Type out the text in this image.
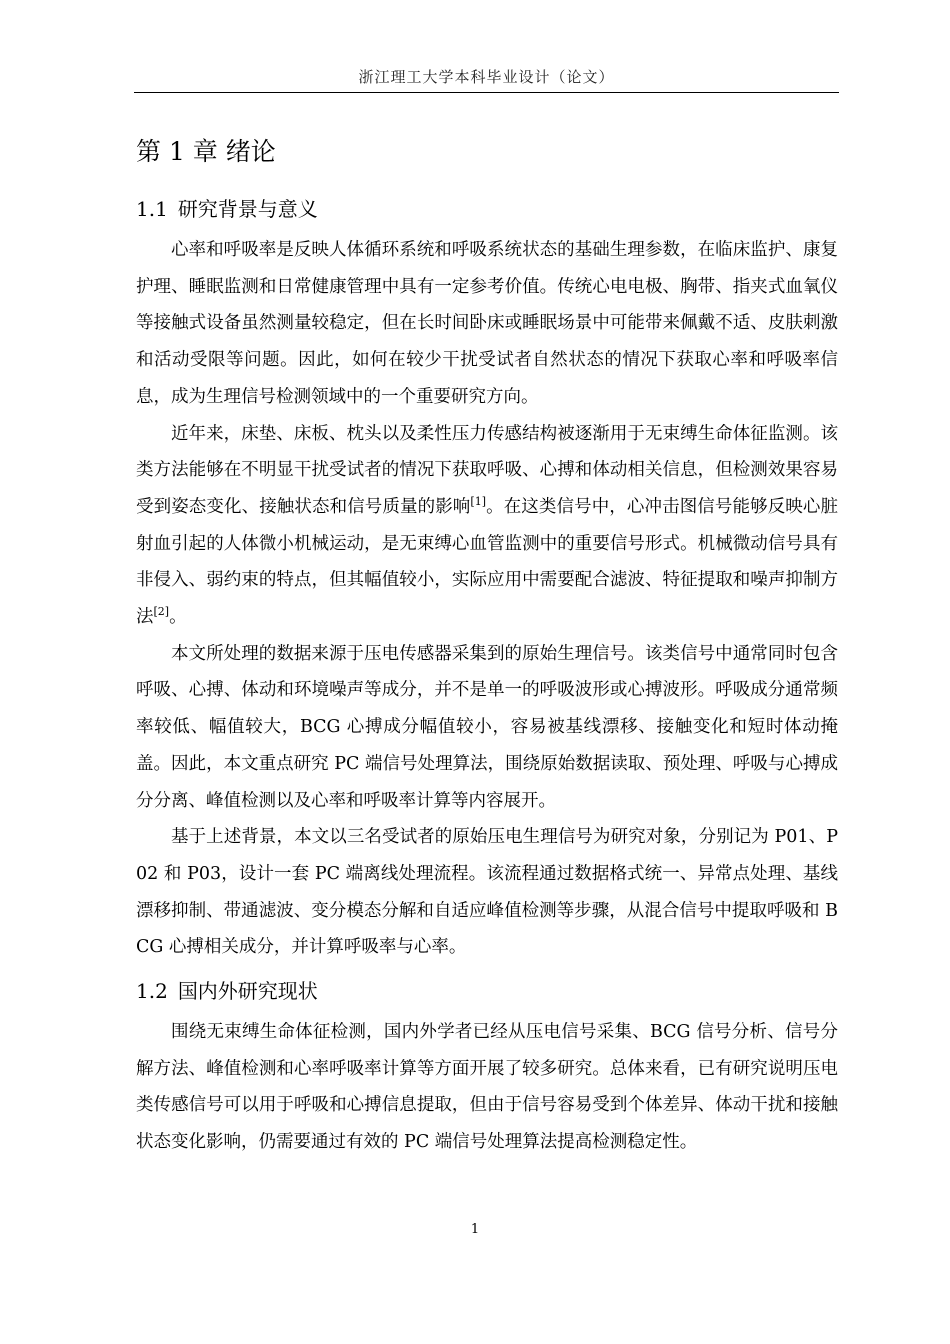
浙江理工大学本科毕业设计（论文）
第 1 章 绪论
1.1 研究背景与意义

心率和呼吸率是反映人体循环系统和呼吸系统状态的基础生理参数，在临床监护、康复护理、睡眠监测和日常健康管理中具有一定参考价值。传统心电电极、胸带、指夹式血氧仪等接触式设备虽然测量较稳定，但在长时间卧床或睡眠场景中可能带来佩戴不适、皮肤刺激和活动受限等问题。因此，如何在较少干扰受试者自然状态的情况下获取心率和呼吸率信息，成为生理信号检测领域中的一个重要研究方向。

近年来，床垫、床板、枕头以及柔性压力传感结构被逐渐用于无束缚生命体征监测。该类方法能够在不明显干扰受试者的情况下获取呼吸、心搏和体动相关信息，但检测效果容易受到姿态变化、接触状态和信号质量的影响[1]。在这类信号中，心冲击图信号能够反映心脏射血引起的人体微小机械运动，是无束缚心血管监测中的重要信号形式。机械微动信号具有非侵入、弱约束的特点，但其幅值较小，实际应用中需要配合滤波、特征提取和噪声抑制方法[2]。

本文所处理的数据来源于压电传感器采集到的原始生理信号。该类信号中通常同时包含呼吸、心搏、体动和环境噪声等成分，并不是单一的呼吸波形或心搏波形。呼吸成分通常频率较低、幅值较大，BCG 心搏成分幅值较小，容易被基线漂移、接触变化和短时体动掩盖。因此，本文重点研究 PC 端信号处理算法，围绕原始数据读取、预处理、呼吸与心搏成分分离、峰值检测以及心率和呼吸率计算等内容展开。

基于上述背景，本文以三名受试者的原始压电生理信号为研究对象，分别记为 P01、P02 和 P03，设计一套 PC 端离线处理流程。该流程通过数据格式统一、异常点处理、基线漂移抑制、带通滤波、变分模态分解和自适应峰值检测等步骤，从混合信号中提取呼吸和 BCG 心搏相关成分，并计算呼吸率与心率。

1.2 国内外研究现状

围绕无束缚生命体征检测，国内外学者已经从压电信号采集、BCG 信号分析、信号分解方法、峰值检测和心率呼吸率计算等方面开展了较多研究。总体来看，已有研究说明压电类传感信号可以用于呼吸和心搏信息提取，但由于信号容易受到个体差异、体动干扰和接触状态变化影响，仍需要通过有效的 PC 端信号处理算法提高检测稳定性。

1
